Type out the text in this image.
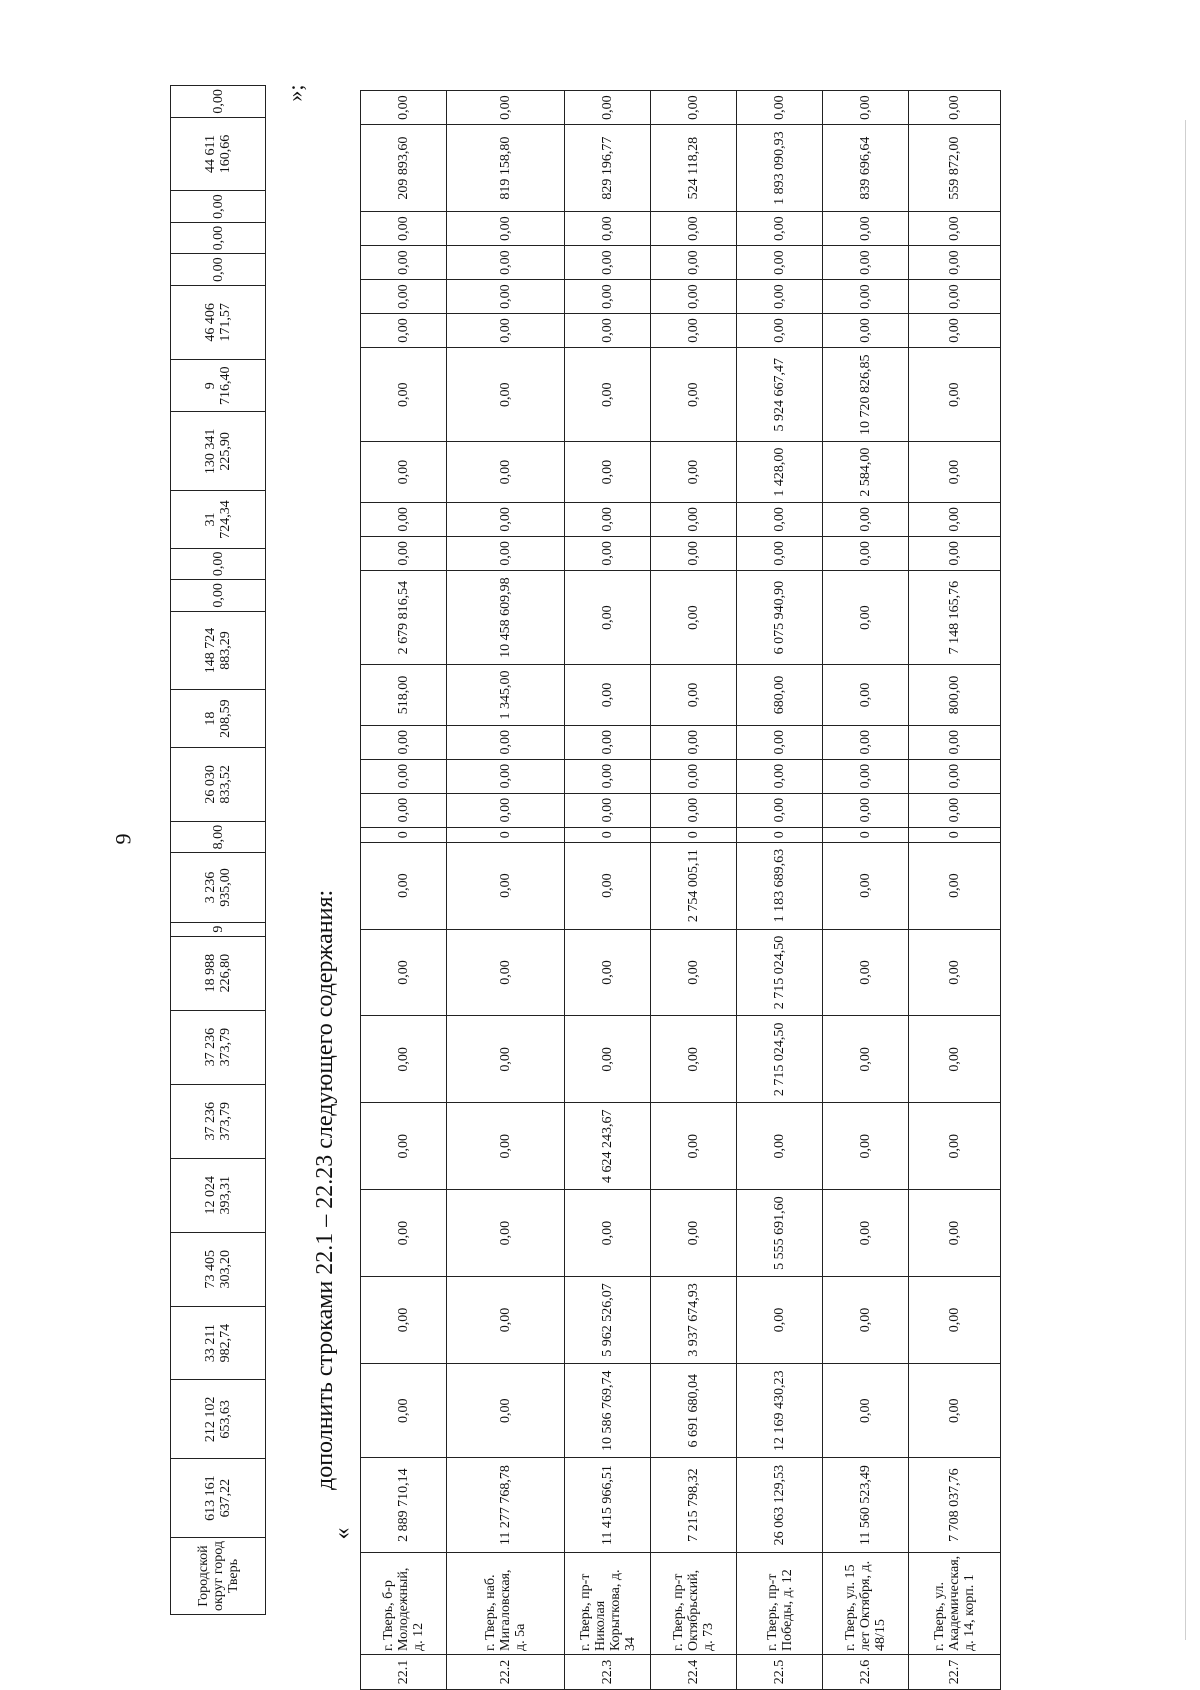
9
Городской округ город Тверь	613 161 637,22	212 102 653,63	33 211 982,74	73 405 303,20	12 024 393,31	37 236 373,79	37 236 373,79	18 988 226,80	9	3 236 935,00	8,00	26 030 833,52	18 208,59	148 724 883,29	0,00	0,00	31 724,34	130 341 225,90	9 716,40	46 406 171,57	0,00	0,00	0,00	44 611 160,66	0,00	»;
дополнить строками 22.1 – 22.23 следующего содержания:
«
22.1	г. Тверь, б-р Молодежный, д. 12	2 889 710,14	0,00	0,00	0,00	0,00	0,00	0,00	0,00	0	0,00	0,00	0,00	518,00	2 679 816,54	0,00	0,00	0,00	0,00	0,00	0,00	0,00	0,00	209 893,60	0,00
22.2	г. Тверь, наб. Мигаловская, д. 5а	11 277 768,78	0,00	0,00	0,00	0,00	0,00	0,00	0,00	0	0,00	0,00	0,00	1 345,00	10 458 609,98	0,00	0,00	0,00	0,00	0,00	0,00	0,00	0,00	819 158,80	0,00
22.3	г. Тверь, пр-т Николая Корыткова, д. 34	11 415 966,51	10 586 769,74	5 962 526,07	0,00	4 624 243,67	0,00	0,00	0,00	0	0,00	0,00	0,00	0,00	0,00	0,00	0,00	0,00	0,00	0,00	0,00	0,00	0,00	829 196,77	0,00
22.4	г. Тверь, пр-т Октябрьский, д. 73	7 215 798,32	6 691 680,04	3 937 674,93	0,00	0,00	0,00	0,00	2 754 005,11	0	0,00	0,00	0,00	0,00	0,00	0,00	0,00	0,00	0,00	0,00	0,00	0,00	0,00	524 118,28	0,00
22.5	г. Тверь, пр-т Победы, д. 12	26 063 129,53	12 169 430,23	0,00	5 555 691,60	0,00	2 715 024,50	2 715 024,50	1 183 689,63	0	0,00	0,00	0,00	680,00	6 075 940,90	0,00	0,00	1 428,00	5 924 667,47	0,00	0,00	0,00	0,00	1 893 090,93	0,00
22.6	г. Тверь, ул. 15 лет Октября, д. 48/15	11 560 523,49	0,00	0,00	0,00	0,00	0,00	0,00	0,00	0	0,00	0,00	0,00	0,00	0,00	0,00	0,00	2 584,00	10 720 826,85	0,00	0,00	0,00	0,00	839 696,64	0,00
22.7	г. Тверь, ул. Академическая, д. 14, корп. 1	7 708 037,76	0,00	0,00	0,00	0,00	0,00	0,00	0,00	0	0,00	0,00	0,00	800,00	7 148 165,76	0,00	0,00	0,00	0,00	0,00	0,00	0,00	0,00	559 872,00	0,00
